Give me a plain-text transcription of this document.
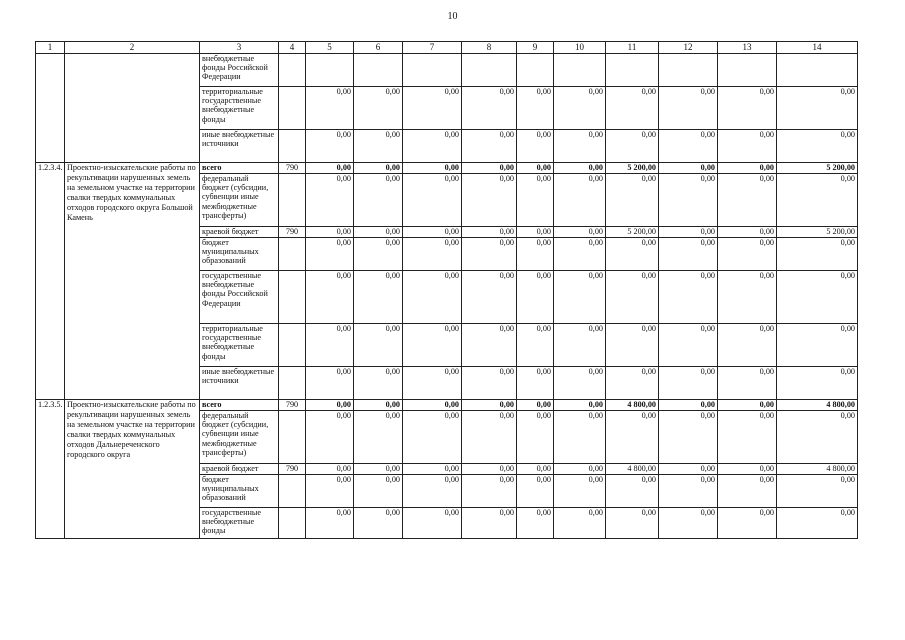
10
1	2	3	4	5	6	7	8	9	10	11	12	13	14
		внебюджетные фонды Российской Федерации											
		территориальные государственные внебюджетные фонды		0,00	0,00	0,00	0,00	0,00	0,00	0,00	0,00	0,00	0,00
		иные внебюджетные источники		0,00	0,00	0,00	0,00	0,00	0,00	0,00	0,00	0,00	0,00
1.2.3.4.	Проектно-изыскательские работы по рекультивации нарушенных земель на земельном участке на территории свалки твердых коммунальных отходов городского округа Большой Камень	всего	790	0,00	0,00	0,00	0,00	0,00	0,00	5 200,00	0,00	0,00	5 200,00
		федеральный бюджет (субсидии, субвенции иные межбюджетные трансферты)		0,00	0,00	0,00	0,00	0,00	0,00	0,00	0,00	0,00	0,00
		краевой бюджет	790	0,00	0,00	0,00	0,00	0,00	0,00	5 200,00	0,00	0,00	5 200,00
		бюджет муниципальных образований		0,00	0,00	0,00	0,00	0,00	0,00	0,00	0,00	0,00	0,00
		государственные внебюджетные фонды Российской Федерации		0,00	0,00	0,00	0,00	0,00	0,00	0,00	0,00	0,00	0,00
		территориальные государственные внебюджетные фонды		0,00	0,00	0,00	0,00	0,00	0,00	0,00	0,00	0,00	0,00
		иные внебюджетные источники		0,00	0,00	0,00	0,00	0,00	0,00	0,00	0,00	0,00	0,00
1.2.3.5.	Проектно-изыскательские работы по рекультивации нарушенных земель на земельном участке на территории свалки твердых коммунальных отходов Дальнереченского городского округа	всего	790	0,00	0,00	0,00	0,00	0,00	0,00	4 800,00	0,00	0,00	4 800,00
		федеральный бюджет (субсидии, субвенции иные межбюджетные трансферты)		0,00	0,00	0,00	0,00	0,00	0,00	0,00	0,00	0,00	0,00
		краевой бюджет	790	0,00	0,00	0,00	0,00	0,00	0,00	4 800,00	0,00	0,00	4 800,00
		бюджет муниципальных образований		0,00	0,00	0,00	0,00	0,00	0,00	0,00	0,00	0,00	0,00
		государственные внебюджетные фонды		0,00	0,00	0,00	0,00	0,00	0,00	0,00	0,00	0,00	0,00
